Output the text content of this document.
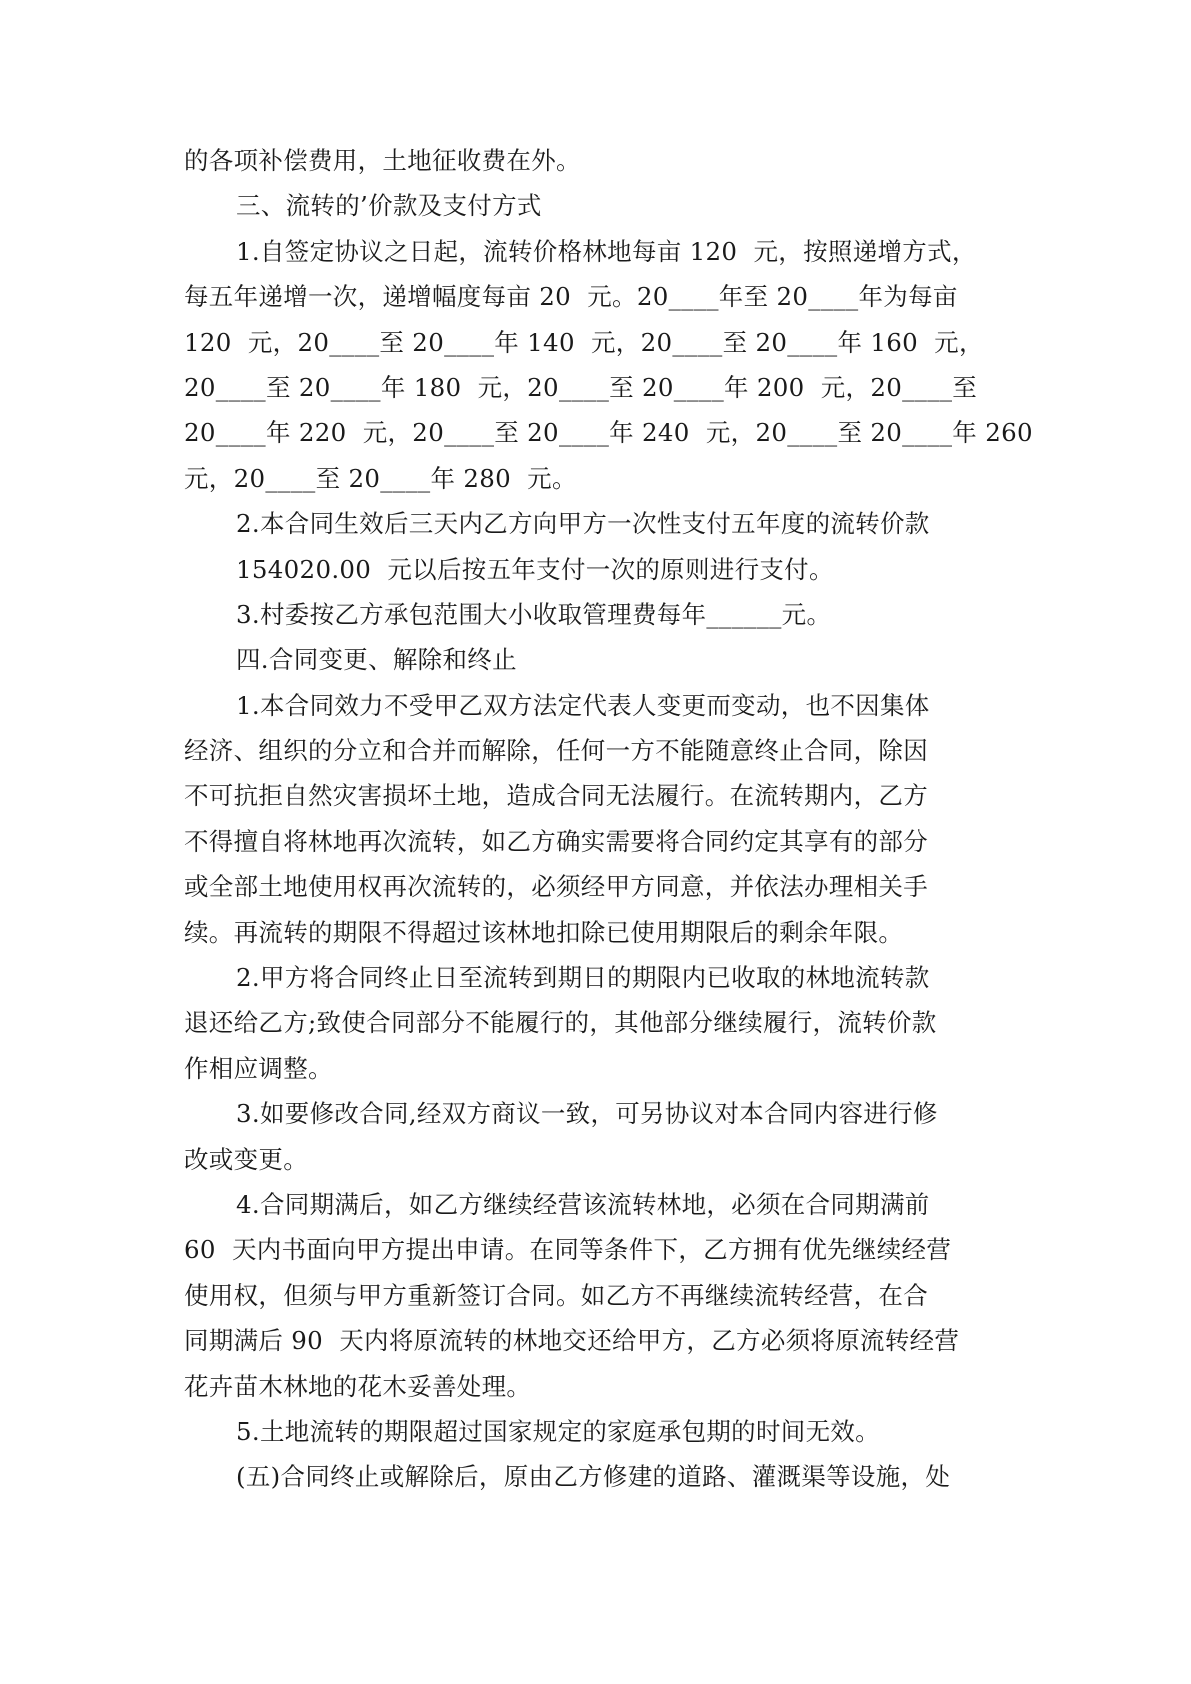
的各项补偿费用，土地征收费在外。
三、流转的’价款及支付方式
1.自签定协议之日起，流转价格林地每亩 120  元，按照递增方式，
每五年递增一次，递增幅度每亩 20  元。20____年至 20____年为每亩
120  元，20____至 20____年 140  元，20____至 20____年 160  元，
20____至 20____年 180  元，20____至 20____年 200  元，20____至
20____年 220  元，20____至 20____年 240  元，20____至 20____年 260
元，20____至 20____年 280  元。
2.本合同生效后三天内乙方向甲方一次性支付五年度的流转价款
154020.00  元以后按五年支付一次的原则进行支付。
3.村委按乙方承包范围大小收取管理费每年______元。
四.合同变更、解除和终止
1.本合同效力不受甲乙双方法定代表人变更而变动，也不因集体
经济、组织的分立和合并而解除，任何一方不能随意终止合同，除因
不可抗拒自然灾害损坏土地，造成合同无法履行。在流转期内，乙方
不得擅自将林地再次流转，如乙方确实需要将合同约定其享有的部分
或全部土地使用权再次流转的，必须经甲方同意，并依法办理相关手
续。再流转的期限不得超过该林地扣除已使用期限后的剩余年限。
2.甲方将合同终止日至流转到期日的期限内已收取的林地流转款
退还给乙方;致使合同部分不能履行的，其他部分继续履行，流转价款
作相应调整。
3.如要修改合同,经双方商议一致，可另协议对本合同内容进行修
改或变更。
4.合同期满后，如乙方继续经营该流转林地，必须在合同期满前
60  天内书面向甲方提出申请。在同等条件下，乙方拥有优先继续经营
使用权，但须与甲方重新签订合同。如乙方不再继续流转经营，在合
同期满后 90  天内将原流转的林地交还给甲方，乙方必须将原流转经营
花卉苗木林地的花木妥善处理。
5.土地流转的期限超过国家规定的家庭承包期的时间无效。
(五)合同终止或解除后，原由乙方修建的道路、灌溉渠等设施，处
